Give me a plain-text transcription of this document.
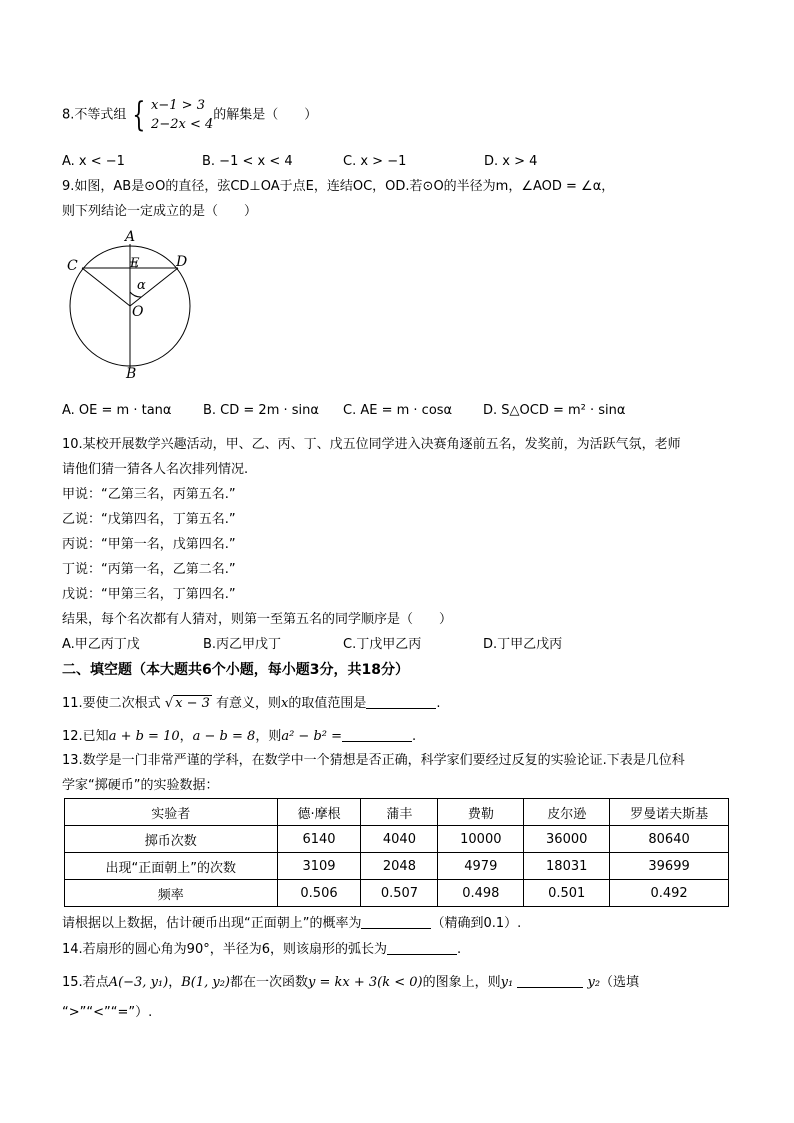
8.不等式组 { x−1 > 3
2−2x < 4的解集是（　　）
A. x < −1	B. −1 < x < 4	C. x > −1	D. x > 4
9.如图，AB是⊙O的直径，弦CD⊥OA于点E，连结OC，OD.若⊙O的半径为m，∠AOD = ∠α，
则下列结论一定成立的是（　　）
A
B
C	D
E
O
α
A. OE = m · tanα B. CD = 2m · sinα C. AE = m · cosα D. S△OCD = m² · sinα
10.某校开展数学兴趣活动，甲、乙、丙、丁、戊五位同学进入决赛角逐前五名，发奖前，为活跃气氛，老师
请他们猜一猜各人名次排列情况.
甲说：“乙第三名，丙第五名.”
乙说：“戊第四名，丁第五名.”
丙说：“甲第一名，戊第四名.”
丁说：“丙第一名，乙第二名.”
戊说：“甲第三名，丁第四名.”
结果，每个名次都有人猜对，则第一至第五名的同学顺序是（　　）
A.甲乙丙丁戊	B.丙乙甲戊丁	C.丁戊甲乙丙	D.丁甲乙戊丙
二、填空题（本大题共6个小题，每小题3分，共18分）
11.要使二次根式 √ x − 3 有意义，则x的取值范围是	.
12.已知a + b = 10，a − b = 8，则a² − b² =	.
13.数学是一门非常严谨的学科，在数学中一个猜想是否正确，科学家们要经过反复的实验论证.下表是几位科
学家“掷硬币”的实验数据：
实验者	德·摩根	蒲丰	费勒	皮尔逊	罗曼诺夫斯基
掷币次数	6140	4040	10000	36000	80640
出现“正面朝上”的次数	3109	2048	4979	18031	39699
频率	0.506	0.507	0.498	0.501	0.492
请根据以上数据，估计硬币出现“正面朝上”的概率为	（精确到0.1）.
14.若扇形的圆心角为90°，半径为6，则该扇形的弧长为	.
15.若点A(−3, y₁)，B(1, y₂)都在一次函数y = kx + 3(k < 0)的图象上，则y₁	y₂（选填
“>”“<”“=”）.
